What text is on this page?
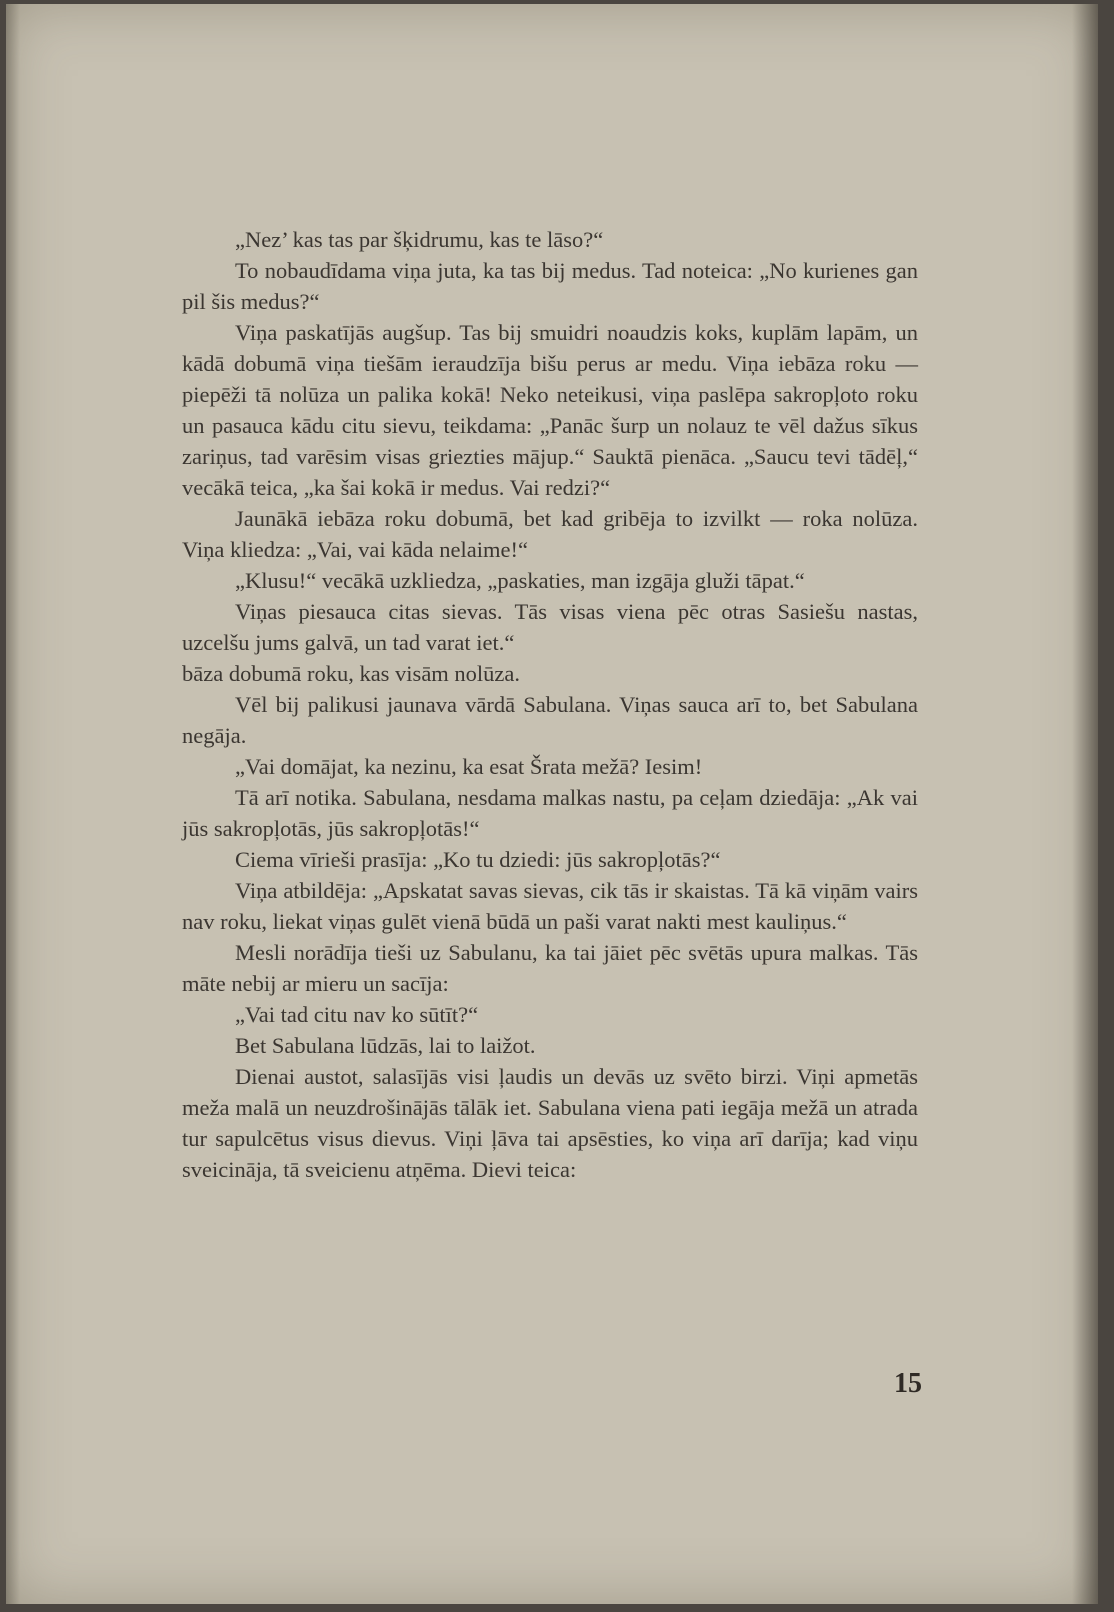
„Nez’ kas tas par šķidrumu, kas te lāso?“

To nobaudīdama viņa juta, ka tas bij medus. Tad noteica: „No kurienes gan pil šis medus?“

Viņa paskatījās augšup. Tas bij smuidri noaudzis koks, kuplām lapām, un kādā dobumā viņa tiešām ieraudzīja bišu perus ar medu. Viņa iebāza roku — piepēži tā nolūza un palika kokā! Neko neteikusi, viņa paslēpa sakropļoto roku un pasauca kādu citu sievu, teikdama: „Panāc šurp un nolauz te vēl dažus sīkus zariņus, tad varēsim visas griezties mājup.“ Sauktā pienāca. „Saucu tevi tādēļ,“ vecākā teica, „ka šai kokā ir medus. Vai redzi?“

Jaunākā iebāza roku dobumā, bet kad gribēja to izvilkt — roka nolūza. Viņa kliedza: „Vai, vai kāda nelaime!“

„Klusu!“ vecākā uzkliedza, „paskaties, man izgāja gluži tāpat.“

Viņas piesauca citas sievas. Tās visas viena pēc otras Sasiešu nastas, uzcelšu jums galvā, un tad varat iet.“

bāza dobumā roku, kas visām nolūza.

Vēl bij palikusi jaunava vārdā Sabulana. Viņas sauca arī to, bet Sabulana negāja.

„Vai domājat, ka nezinu, ka esat Šrata mežā? Iesim!

Tā arī notika. Sabulana, nesdama malkas nastu, pa ceļam dziedāja: „Ak vai jūs sakropļotās, jūs sakropļotās!“

Ciema vīrieši prasīja: „Ko tu dziedi: jūs sakropļotās?“

Viņa atbildēja: „Apskatat savas sievas, cik tās ir skaistas. Tā kā viņām vairs nav roku, liekat viņas gulēt vienā būdā un paši varat nakti mest kauliņus.“

Mesli norādīja tieši uz Sabulanu, ka tai jāiet pēc svētās upura malkas. Tās māte nebij ar mieru un sacīja:

„Vai tad citu nav ko sūtīt?“

Bet Sabulana lūdzās, lai to laižot.

Dienai austot, salasījās visi ļaudis un devās uz svēto birzi. Viņi apmetās meža malā un neuzdrošinājās tālāk iet. Sabulana viena pati iegāja mežā un atrada tur sapulcētus visus dievus. Viņi ļāva tai apsēsties, ko viņa arī darīja; kad viņu sveicināja, tā sveicienu atņēma. Dievi teica:

15
